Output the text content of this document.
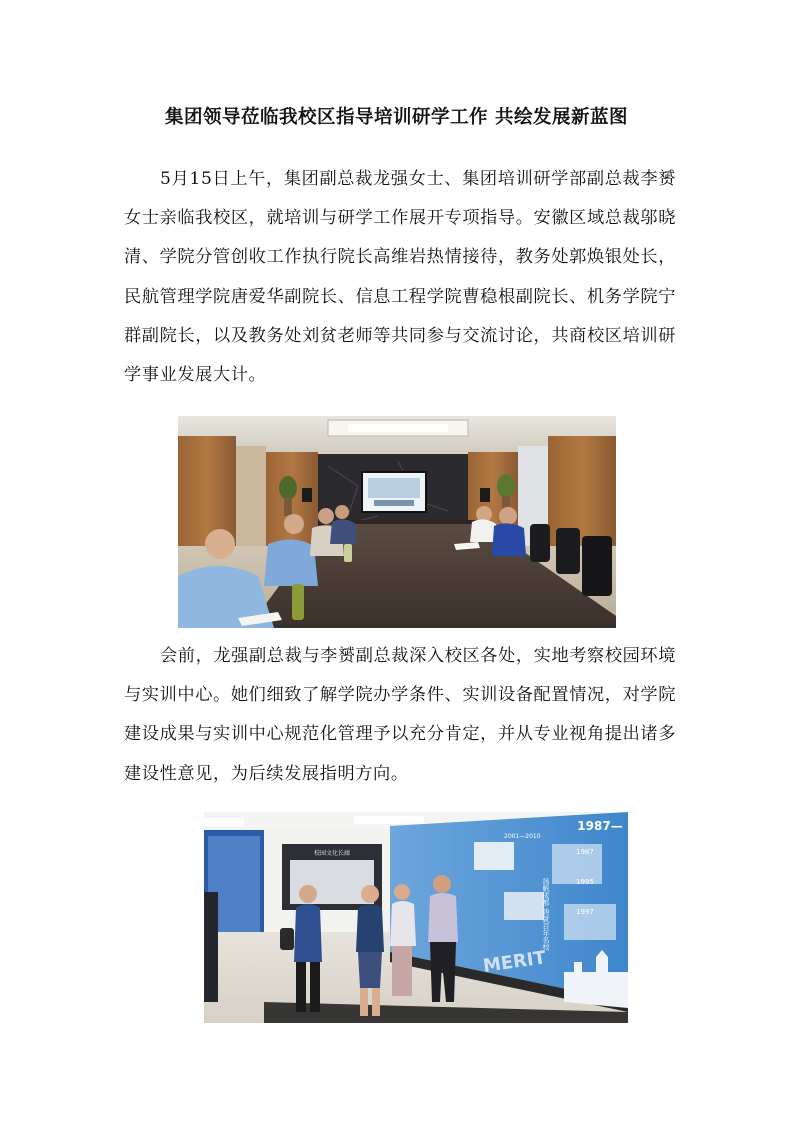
集团领导莅临我校区指导培训研学工作 共绘发展新蓝图

5月15日上午，集团副总裁龙强女士、集团培训研学部副总裁李赟女士亲临我校区，就培训与研学工作展开专项指导。安徽区域总裁邬晓清、学院分管创收工作执行院长高维岩热情接待，教务处郭焕银处长，民航管理学院唐爱华副院长、信息工程学院曹稳根副院长、机务学院宁群副院长，以及教务处刘贫老师等共同参与交流讨论，共商校区培训研学事业发展大计。

会前，龙强副总裁与李赟副总裁深入校区各处，实地考察校园环境与实训中心。她们细致了解学院办学条件、实训设备配置情况，对学院建设成果与实训中心规范化管理予以充分肯定，并从专业视角提出诸多建设性意见，为后续发展指明方向。

校园文化长廊
1987—
1987
1995
1997
2001—2010
MERIT
扬帆成都 铸就百年名校
